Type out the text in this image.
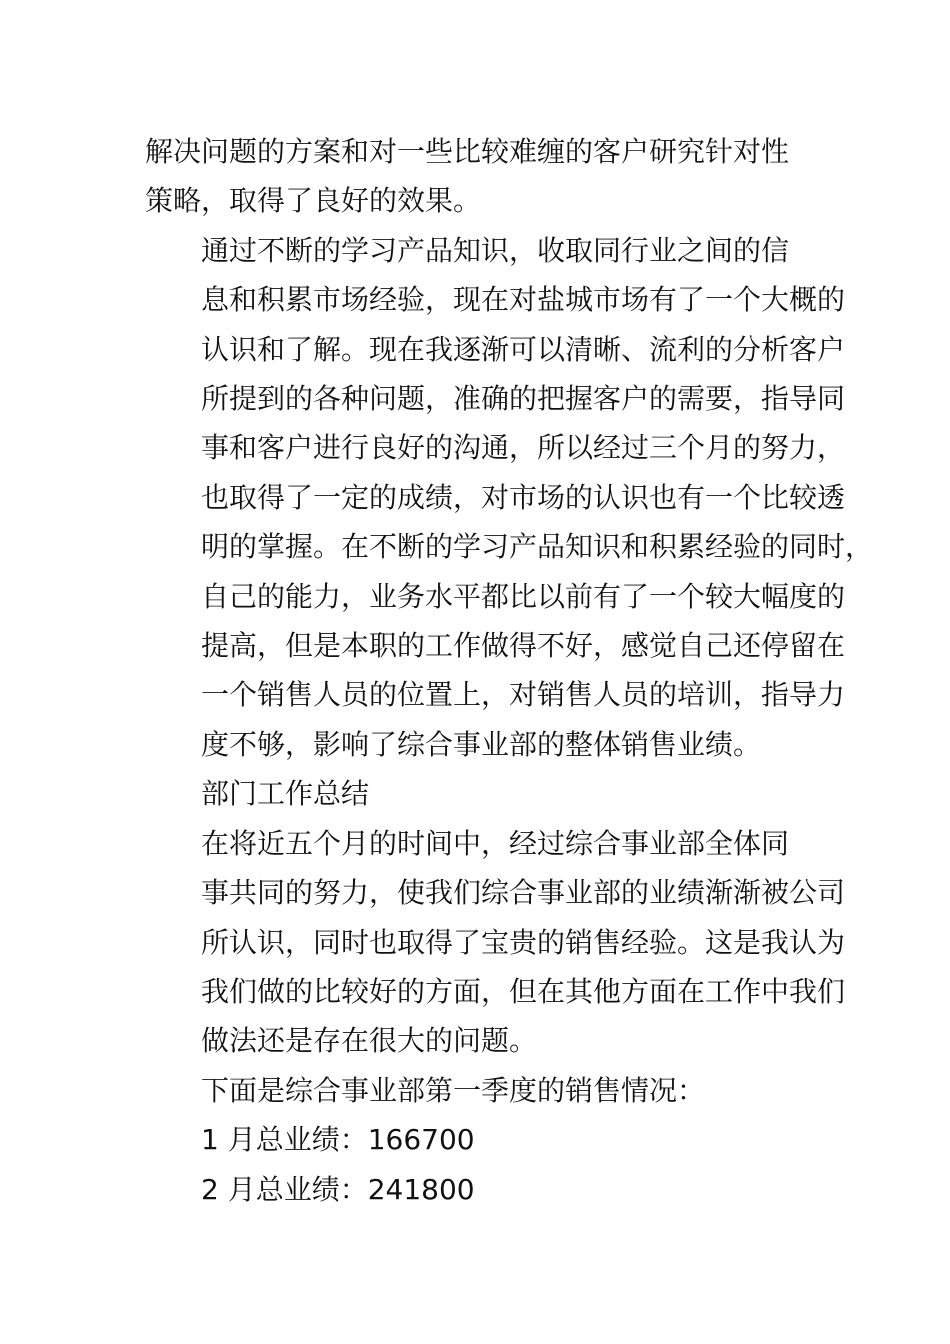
解决问题的方案和对一些比较难缠的客户研究针对性
策略，取得了良好的效果。

通过不断的学习产品知识，收取同行业之间的信
息和积累市场经验，现在对盐城市场有了一个大概的
认识和了解。现在我逐渐可以清晰、流利的分析客户
所提到的各种问题，准确的把握客户的需要，指导同
事和客户进行良好的沟通，所以经过三个月的努力，
也取得了一定的成绩，对市场的认识也有一个比较透
明的掌握。在不断的学习产品知识和积累经验的同时，
自己的能力，业务水平都比以前有了一个较大幅度的
提高，但是本职的工作做得不好，感觉自己还停留在
一个销售人员的位置上，对销售人员的培训，指导力
度不够，影响了综合事业部的整体销售业绩。

部门工作总结

在将近五个月的时间中，经过综合事业部全体同
事共同的努力，使我们综合事业部的业绩渐渐被公司
所认识，同时也取得了宝贵的销售经验。这是我认为
我们做的比较好的方面，但在其他方面在工作中我们
做法还是存在很大的问题。

下面是综合事业部第一季度的销售情况：

1 月总业绩：166700

2 月总业绩：241800
